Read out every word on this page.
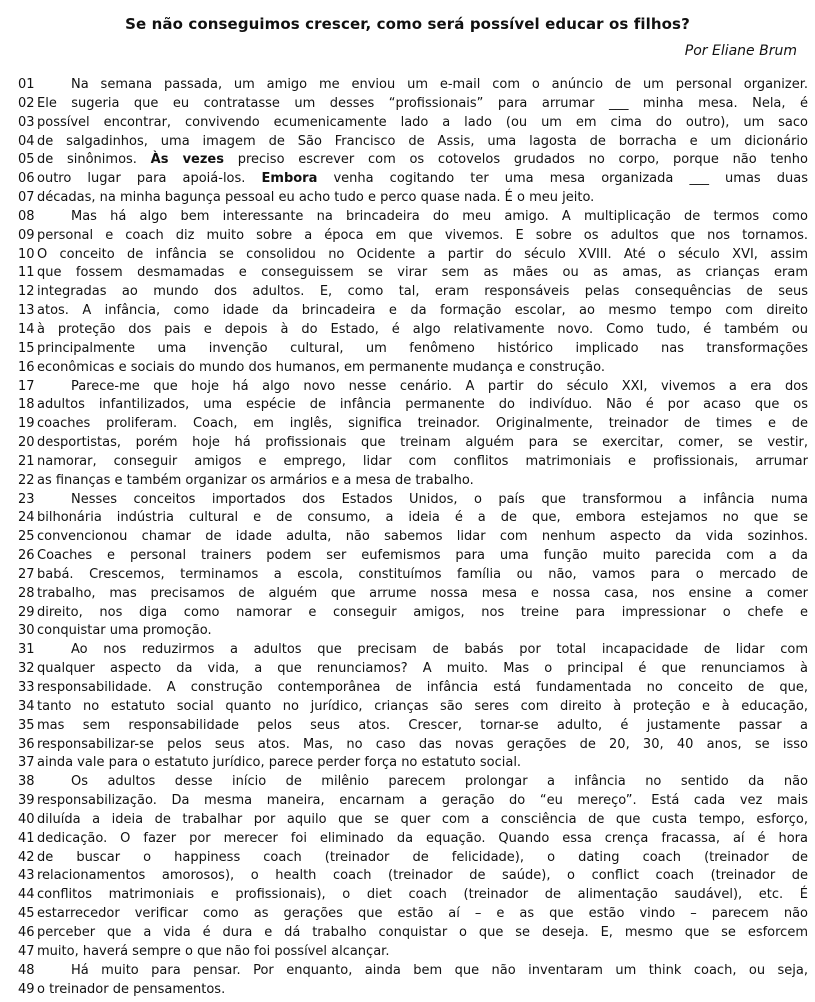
Se não conseguimos crescer, como será possível educar os filhos?
Por Eliane Brum
01	Na semana passada, um amigo me enviou um e-mail com o anúncio de um personal organizer.
02 Ele sugeria que eu contratasse um desses “profissionais” para arrumar ___ minha mesa. Nela, é
03 possível encontrar, convivendo ecumenicamente lado a lado (ou um em cima do outro), um saco
04 de salgadinhos, uma imagem de São Francisco de Assis, uma lagosta de borracha e um dicionário
05 de sinônimos. Às vezes preciso escrever com os cotovelos grudados no corpo, porque não tenho
06 outro lugar para apoiá-los. Embora venha cogitando ter uma mesa organizada ___ umas duas
07 décadas, na minha bagunça pessoal eu acho tudo e perco quase nada. É o meu jeito.
08	Mas há algo bem interessante na brincadeira do meu amigo. A multiplicação de termos como
09 personal e coach diz muito sobre a época em que vivemos. E sobre os adultos que nos tornamos.
10 O conceito de infância se consolidou no Ocidente a partir do século XVIII. Até o século XVI, assim
11 que fossem desmamadas e conseguissem se virar sem as mães ou as amas, as crianças eram
12 integradas ao mundo dos adultos. E, como tal, eram responsáveis pelas consequências de seus
13 atos. A infância, como idade da brincadeira e da formação escolar, ao mesmo tempo com direito
14 à proteção dos pais e depois à do Estado, é algo relativamente novo. Como tudo, é também ou
15 principalmente uma invenção cultural, um fenômeno histórico implicado nas transformações
16 econômicas e sociais do mundo dos humanos, em permanente mudança e construção.
17	Parece-me que hoje há algo novo nesse cenário. A partir do século XXI, vivemos a era dos
18 adultos infantilizados, uma espécie de infância permanente do indivíduo. Não é por acaso que os
19 coaches proliferam. Coach, em inglês, significa treinador. Originalmente, treinador de times e de
20 desportistas, porém hoje há profissionais que treinam alguém para se exercitar, comer, se vestir,
21 namorar, conseguir amigos e emprego, lidar com conflitos matrimoniais e profissionais, arrumar
22 as finanças e também organizar os armários e a mesa de trabalho.
23	Nesses conceitos importados dos Estados Unidos, o país que transformou a infância numa
24 bilhonária indústria cultural e de consumo, a ideia é a de que, embora estejamos no que se
25 convencionou chamar de idade adulta, não sabemos lidar com nenhum aspecto da vida sozinhos.
26 Coaches e personal trainers podem ser eufemismos para uma função muito parecida com a da
27 babá. Crescemos, terminamos a escola, constituímos família ou não, vamos para o mercado de
28 trabalho, mas precisamos de alguém que arrume nossa mesa e nossa casa, nos ensine a comer
29 direito, nos diga como namorar e conseguir amigos, nos treine para impressionar o chefe e
30 conquistar uma promoção.
31	Ao nos reduzirmos a adultos que precisam de babás por total incapacidade de lidar com
32 qualquer aspecto da vida, a que renunciamos? A muito. Mas o principal é que renunciamos à
33 responsabilidade. A construção contemporânea de infância está fundamentada no conceito de que,
34 tanto no estatuto social quanto no jurídico, crianças são seres com direito à proteção e à educação,
35 mas sem responsabilidade pelos seus atos. Crescer, tornar-se adulto, é justamente passar a
36 responsabilizar-se pelos seus atos. Mas, no caso das novas gerações de 20, 30, 40 anos, se isso
37 ainda vale para o estatuto jurídico, parece perder força no estatuto social.
38	Os adultos desse início de milênio parecem prolongar a infância no sentido da não
39 responsabilização. Da mesma maneira, encarnam a geração do “eu mereço”. Está cada vez mais
40 diluída a ideia de trabalhar por aquilo que se quer com a consciência de que custa tempo, esforço,
41 dedicação. O fazer por merecer foi eliminado da equação. Quando essa crença fracassa, aí é hora
42 de buscar o happiness coach (treinador de felicidade), o dating coach (treinador de
43 relacionamentos amorosos), o health coach (treinador de saúde), o conflict coach (treinador de
44 conflitos matrimoniais e profissionais), o diet coach (treinador de alimentação saudável), etc. É
45 estarrecedor verificar como as gerações que estão aí – e as que estão vindo – parecem não
46 perceber que a vida é dura e dá trabalho conquistar o que se deseja. E, mesmo que se esforcem
47 muito, haverá sempre o que não foi possível alcançar.
48	Há muito para pensar. Por enquanto, ainda bem que não inventaram um think coach, ou seja,
49 o treinador de pensamentos.
